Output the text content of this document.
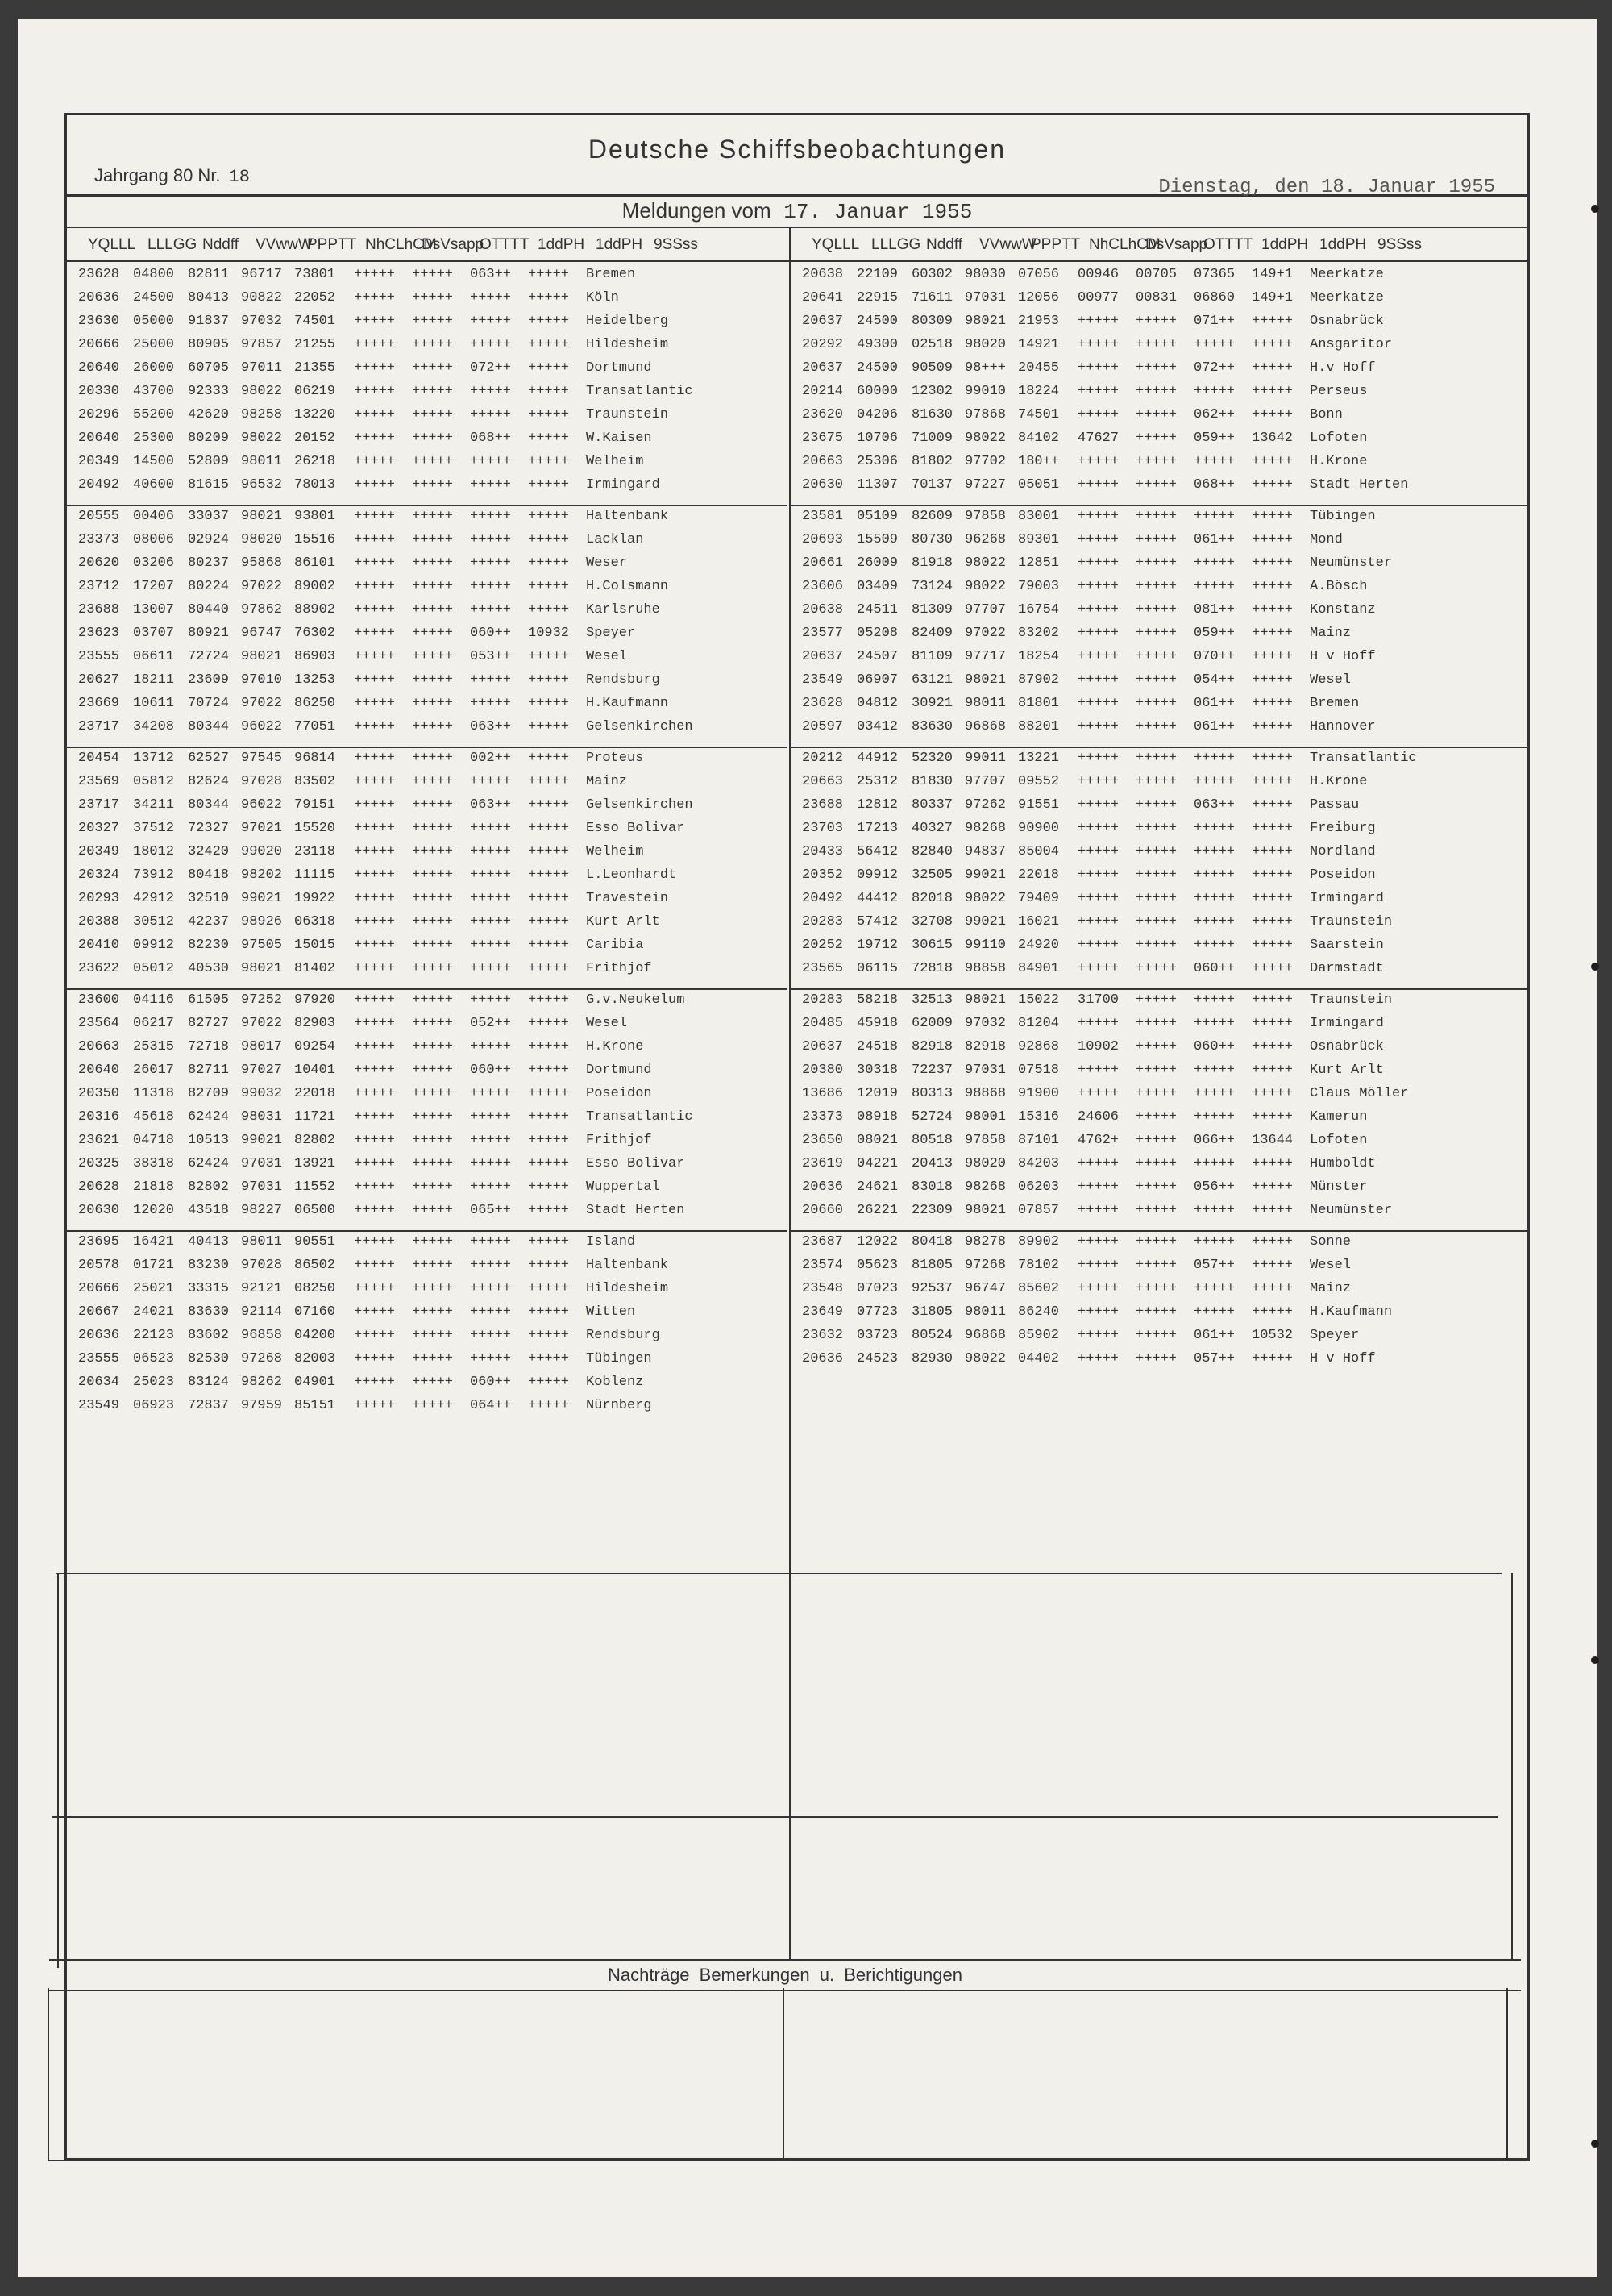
Deutsche Schiffsbeobachtungen
Jahrgang 80 Nr. 18	Dienstag, den 18. Januar 1955
Meldungen vom 17. Januar 1955
YQLLL LLLGG Nddff VVwwW
PPPTT NhCLhCM
DsVsapp
OTTTT 1ddPH 1ddPH 9SSss	YQLLL LLLGG Nddff VVwwW
PPPTT NhCLhCM
DsVsapp
OTTTT 1ddPH 1ddPH 9SSss
23628 04800 82811 96717 73801 +++++ +++++ 063++ +++++ Bremen
20636 24500 80413 90822 22052 +++++ +++++ +++++ +++++ Köln
23630 05000 91837 97032 74501 +++++ +++++ +++++ +++++ Heidelberg
20666 25000 80905 97857 21255 +++++ +++++ +++++ +++++ Hildesheim
20640 26000 60705 97011 21355 +++++ +++++ 072++ +++++ Dortmund
20330 43700 92333 98022 06219 +++++ +++++ +++++ +++++ Transatlantic
20296 55200 42620 98258 13220 +++++ +++++ +++++ +++++ Traunstein
20640 25300 80209 98022 20152 +++++ +++++ 068++ +++++ W.Kaisen
20349 14500 52809 98011 26218 +++++ +++++ +++++ +++++ Welheim
20492 40600 81615 96532 78013 +++++ +++++ +++++ +++++ Irmingard
20555 00406 33037 98021 93801 +++++ +++++ +++++ +++++ Haltenbank
23373 08006 02924 98020 15516 +++++ +++++ +++++ +++++ Lacklan
20620 03206 80237 95868 86101 +++++ +++++ +++++ +++++ Weser
23712 17207 80224 97022 89002 +++++ +++++ +++++ +++++ H.Colsmann
23688 13007 80440 97862 88902 +++++ +++++ +++++ +++++ Karlsruhe
23623 03707 80921 96747 76302 +++++ +++++ 060++ 10932 Speyer
23555 06611 72724 98021 86903 +++++ +++++ 053++ +++++ Wesel
20627 18211 23609 97010 13253 +++++ +++++ +++++ +++++ Rendsburg
23669 10611 70724 97022 86250 +++++ +++++ +++++ +++++ H.Kaufmann
23717 34208 80344 96022 77051 +++++ +++++ 063++ +++++ Gelsenkirchen
20454 13712 62527 97545 96814 +++++ +++++ 002++ +++++ Proteus
23569 05812 82624 97028 83502 +++++ +++++ +++++ +++++ Mainz
23717 34211 80344 96022 79151 +++++ +++++ 063++ +++++ Gelsenkirchen
20327 37512 72327 97021 15520 +++++ +++++ +++++ +++++ Esso Bolivar
20349 18012 32420 99020 23118 +++++ +++++ +++++ +++++ Welheim
20324 73912 80418 98202 11115 +++++ +++++ +++++ +++++ L.Leonhardt
20293 42912 32510 99021 19922 +++++ +++++ +++++ +++++ Travestein
20388 30512 42237 98926 06318 +++++ +++++ +++++ +++++ Kurt Arlt
20410 09912 82230 97505 15015 +++++ +++++ +++++ +++++ Caribia
23622 05012 40530 98021 81402 +++++ +++++ +++++ +++++ Frithjof
23600 04116 61505 97252 97920 +++++ +++++ +++++ +++++ G.v.Neukelum
23564 06217 82727 97022 82903 +++++ +++++ 052++ +++++ Wesel
20663 25315 72718 98017 09254 +++++ +++++ +++++ +++++ H.Krone
20640 26017 82711 97027 10401 +++++ +++++ 060++ +++++ Dortmund
20350 11318 82709 99032 22018 +++++ +++++ +++++ +++++ Poseidon
20316 45618 62424 98031 11721 +++++ +++++ +++++ +++++ Transatlantic
23621 04718 10513 99021 82802 +++++ +++++ +++++ +++++ Frithjof
20325 38318 62424 97031 13921 +++++ +++++ +++++ +++++ Esso Bolivar
20628 21818 82802 97031 11552 +++++ +++++ +++++ +++++ Wuppertal
20630 12020 43518 98227 06500 +++++ +++++ 065++ +++++ Stadt Herten
23695 16421 40413 98011 90551 +++++ +++++ +++++ +++++ Island
20578 01721 83230 97028 86502 +++++ +++++ +++++ +++++ Haltenbank
20666 25021 33315 92121 08250 +++++ +++++ +++++ +++++ Hildesheim
20667 24021 83630 92114 07160 +++++ +++++ +++++ +++++ Witten
20636 22123 83602 96858 04200 +++++ +++++ +++++ +++++ Rendsburg
23555 06523 82530 97268 82003 +++++ +++++ +++++ +++++ Tübingen
20634 25023 83124 98262 04901 +++++ +++++ 060++ +++++ Koblenz
23549 06923 72837 97959 85151 +++++ +++++ 064++ +++++ Nürnberg
20638 22109 60302 98030 07056 00946 00705 07365 149+1 Meerkatze
20641 22915 71611 97031 12056 00977 00831 06860 149+1 Meerkatze
20637 24500 80309 98021 21953 +++++ +++++ 071++ +++++ Osnabrück
20292 49300 02518 98020 14921 +++++ +++++ +++++ +++++ Ansgaritor
20637 24500 90509 98+++ 20455 +++++ +++++ 072++ +++++ H.v Hoff
20214 60000 12302 99010 18224 +++++ +++++ +++++ +++++ Perseus
23620 04206 81630 97868 74501 +++++ +++++ 062++ +++++ Bonn
23675 10706 71009 98022 84102 47627 +++++ 059++ 13642 Lofoten
20663 25306 81802 97702 180++ +++++ +++++ +++++ +++++ H.Krone
20630 11307 70137 97227 05051 +++++ +++++ 068++ +++++ Stadt Herten
23581 05109 82609 97858 83001 +++++ +++++ +++++ +++++ Tübingen
20693 15509 80730 96268 89301 +++++ +++++ 061++ +++++ Mond
20661 26009 81918 98022 12851 +++++ +++++ +++++ +++++ Neumünster
23606 03409 73124 98022 79003 +++++ +++++ +++++ +++++ A.Bösch
20638 24511 81309 97707 16754 +++++ +++++ 081++ +++++ Konstanz
23577 05208 82409 97022 83202 +++++ +++++ 059++ +++++ Mainz
20637 24507 81109 97717 18254 +++++ +++++ 070++ +++++ H v Hoff
23549 06907 63121 98021 87902 +++++ +++++ 054++ +++++ Wesel
23628 04812 30921 98011 81801 +++++ +++++ 061++ +++++ Bremen
20597 03412 83630 96868 88201 +++++ +++++ 061++ +++++ Hannover
20212 44912 52320 99011 13221 +++++ +++++ +++++ +++++ Transatlantic
20663 25312 81830 97707 09552 +++++ +++++ +++++ +++++ H.Krone
23688 12812 80337 97262 91551 +++++ +++++ 063++ +++++ Passau
23703 17213 40327 98268 90900 +++++ +++++ +++++ +++++ Freiburg
20433 56412 82840 94837 85004 +++++ +++++ +++++ +++++ Nordland
20352 09912 32505 99021 22018 +++++ +++++ +++++ +++++ Poseidon
20492 44412 82018 98022 79409 +++++ +++++ +++++ +++++ Irmingard
20283 57412 32708 99021 16021 +++++ +++++ +++++ +++++ Traunstein
20252 19712 30615 99110 24920 +++++ +++++ +++++ +++++ Saarstein
23565 06115 72818 98858 84901 +++++ +++++ 060++ +++++ Darmstadt
20283 58218 32513 98021 15022 31700 +++++ +++++ +++++ Traunstein
20485 45918 62009 97032 81204 +++++ +++++ +++++ +++++ Irmingard
20637 24518 82918 82918 92868 10902 +++++ 060++ +++++ Osnabrück
20380 30318 72237 97031 07518 +++++ +++++ +++++ +++++ Kurt Arlt
13686 12019 80313 98868 91900 +++++ +++++ +++++ +++++ Claus Möller
23373 08918 52724 98001 15316 24606 +++++ +++++ +++++ Kamerun
23650 08021 80518 97858 87101 4762+ +++++ 066++ 13644 Lofoten
23619 04221 20413 98020 84203 +++++ +++++ +++++ +++++ Humboldt
20636 24621 83018 98268 06203 +++++ +++++ 056++ +++++ Münster
20660 26221 22309 98021 07857 +++++ +++++ +++++ +++++ Neumünster
23687 12022 80418 98278 89902 +++++ +++++ +++++ +++++ Sonne
23574 05623 81805 97268 78102 +++++ +++++ 057++ +++++ Wesel
23548 07023 92537 96747 85602 +++++ +++++ +++++ +++++ Mainz
23649 07723 31805 98011 86240 +++++ +++++ +++++ +++++ H.Kaufmann
23632 03723 80524 96868 85902 +++++ +++++ 061++ 10532 Speyer
20636 24523 82930 98022 04402 +++++ +++++ 057++ +++++ H v Hoff
Nachträge Bemerkungen u. Berichtigungen
